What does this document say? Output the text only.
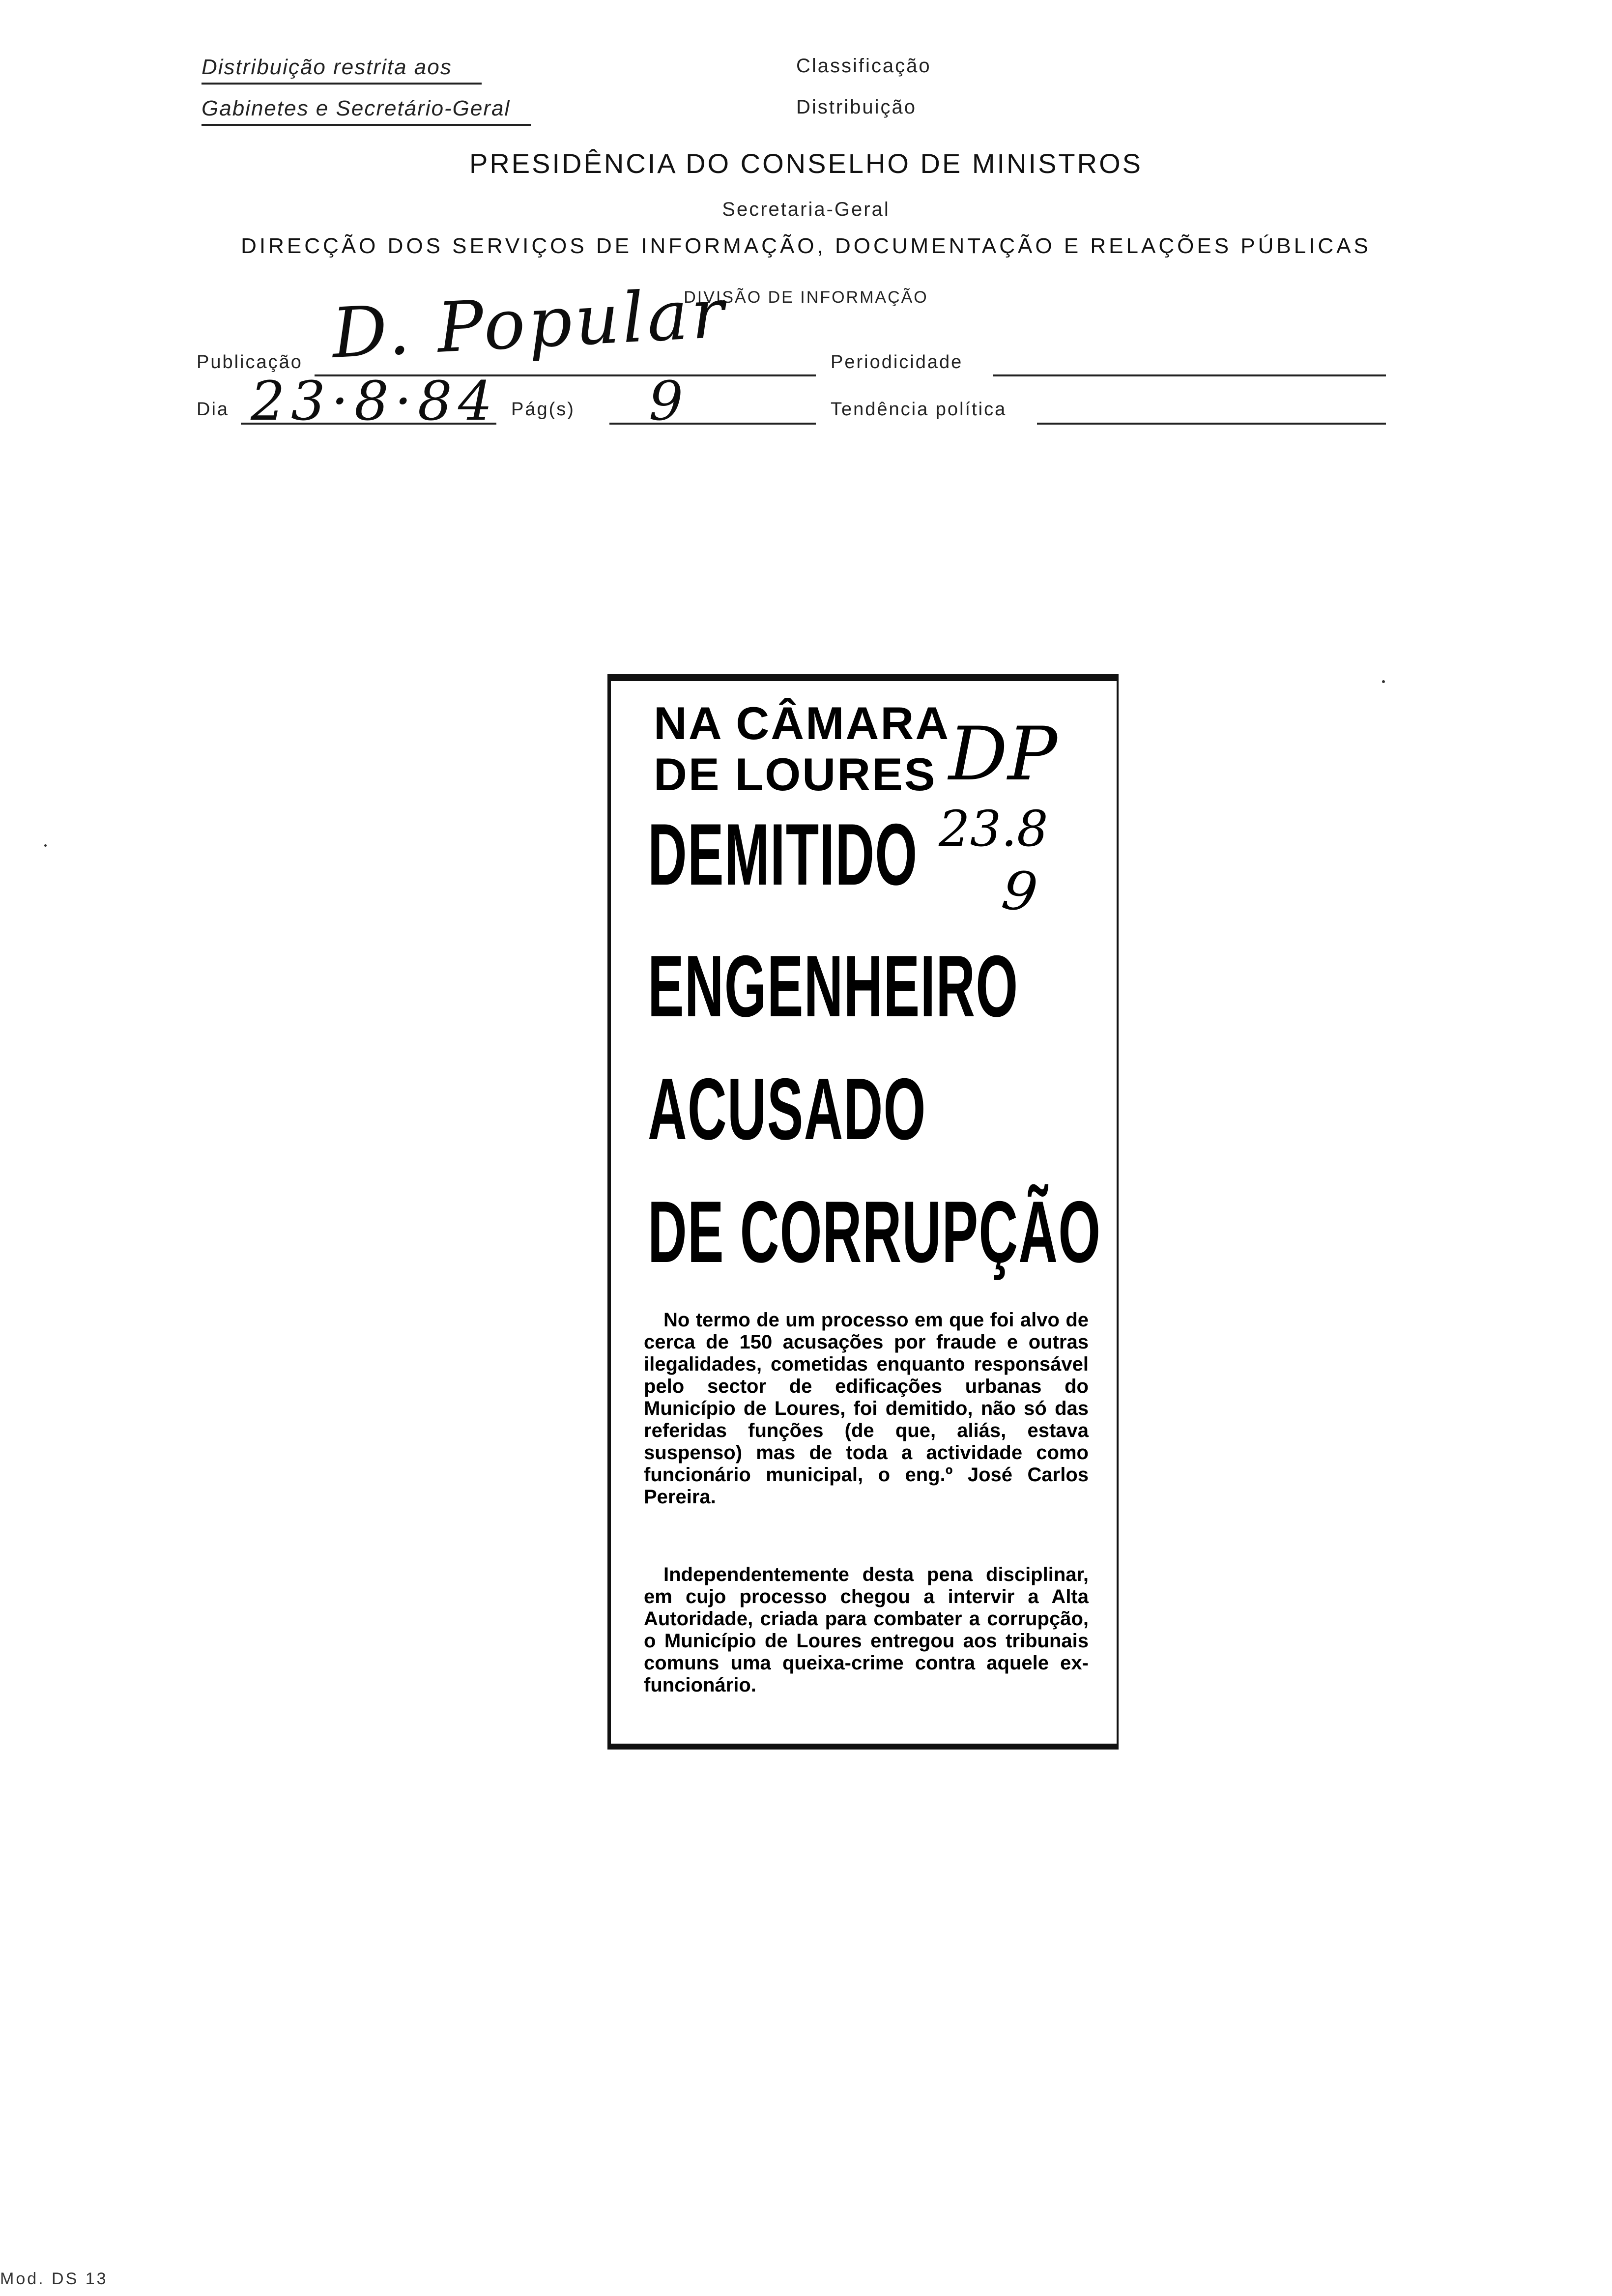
Distribuição restrita aos
Gabinetes e Secretário-Geral
Classificação
Distribuição
PRESIDÊNCIA DO CONSELHO DE MINISTROS
Secretaria-Geral
DIRECÇÃO DOS SERVIÇOS DE INFORMAÇÃO, DOCUMENTAÇÃO E RELAÇÕES PÚBLICAS
DIVISÃO DE INFORMAÇÃO
Publicação D. Popular	Periodicidade
Dia 23·8·84 Pág(s) 9	Tendência política
NA CÂMARA
DE LOURES
DEMITIDO
ENGENHEIRO
ACUSADO
DE CORRUPÇÃO
DP
23.8
9
No termo de um processo em que foi alvo de cerca de 150 acusações por fraude e outras ilegalidades, cometidas enquanto responsável pelo sector de edificações urbanas do Município de Loures, foi demitido, não só das referidas funções (de que, aliás, estava suspenso) mas de toda a actividade como funcionário municipal, o eng.º José Carlos Pereira.
Independentemente desta pena disciplinar, em cujo processo chegou a intervir a Alta Autoridade, criada para combater a corrupção, o Município de Loures entregou aos tribunais comuns uma queixa-crime contra aquele ex-funcionário.
Mod. DS 13
